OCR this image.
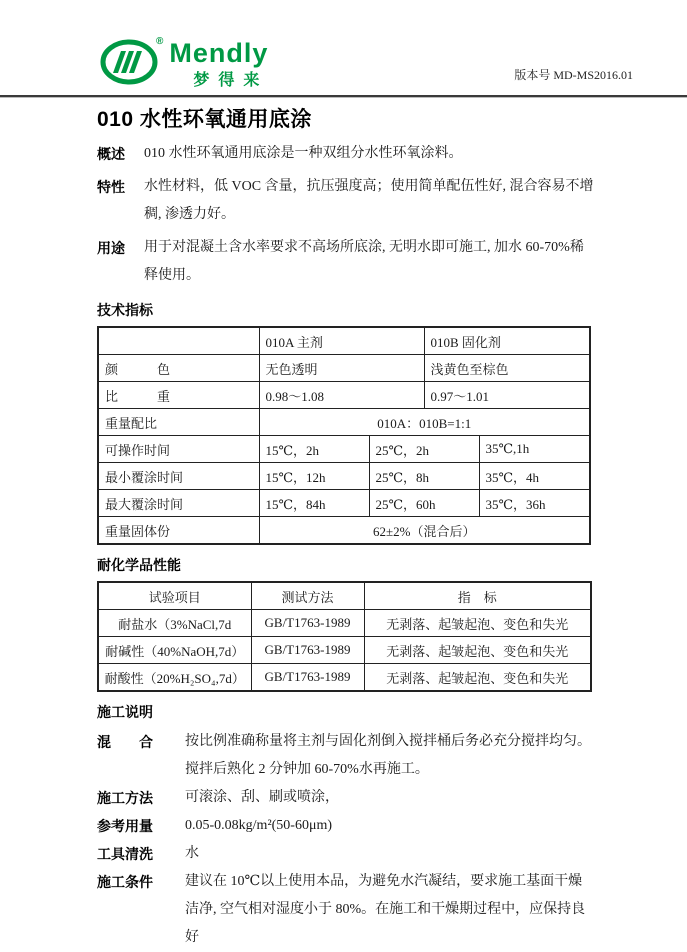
® Mendly
梦得来	版本号 MD-MS2016.01
010 水性环氧通用底涂
概述 010 水性环氧通用底涂是一种双组分水性环氧涂料。
特性 水性材料，低 VOC 含量，抗压强度高；使用简单配伍性好, 混合容易不增
稠, 渗透力好。
用途 用于对混凝土含水率要求不高场所底涂, 无明水即可施工, 加水 60-70%稀
释使用。
技术指标
	010A 主剂		010B 固化剂	
颜　　　色	无色透明		浅黄色至棕色	
比　　　重	0.98～1.08		0.97～1.01	
重量配比	010A：010B=1:1			
可操作时间	15℃，2h	25℃，2h		35℃,1h
最小覆涂时间	15℃，12h	25℃，8h		35℃，4h
最大覆涂时间	15℃，84h	25℃，60h		35℃，36h
重量固体份	62±2%（混合后）			
耐化学品性能
试验项目	测试方法	指　标
耐盐水（3%NaCl,7d	GB/T1763-1989	无剥落、起皱起泡、变色和失光
耐碱性（40%NaOH,7d）	GB/T1763-1989	无剥落、起皱起泡、变色和失光
耐酸性（20%H₂SO₄,7d）	GB/T1763-1989	无剥落、起皱起泡、变色和失光
施工说明
混　　合	按比例准确称量将主剂与固化剂倒入搅拌桶后务必充分搅拌均匀。
搅拌后熟化 2 分钟加 60-70%水再施工。
施工方法	可滚涂、刮、刷或喷涂，
参考用量	0.05-0.08kg/m²(50-60μm)
工具清洗	水
施工条件	建议在 10℃以上使用本品，为避免水汽凝结，要求施工基面干燥
洁净, 空气相对湿度小于 80%。在施工和干燥期过程中，应保持良好
